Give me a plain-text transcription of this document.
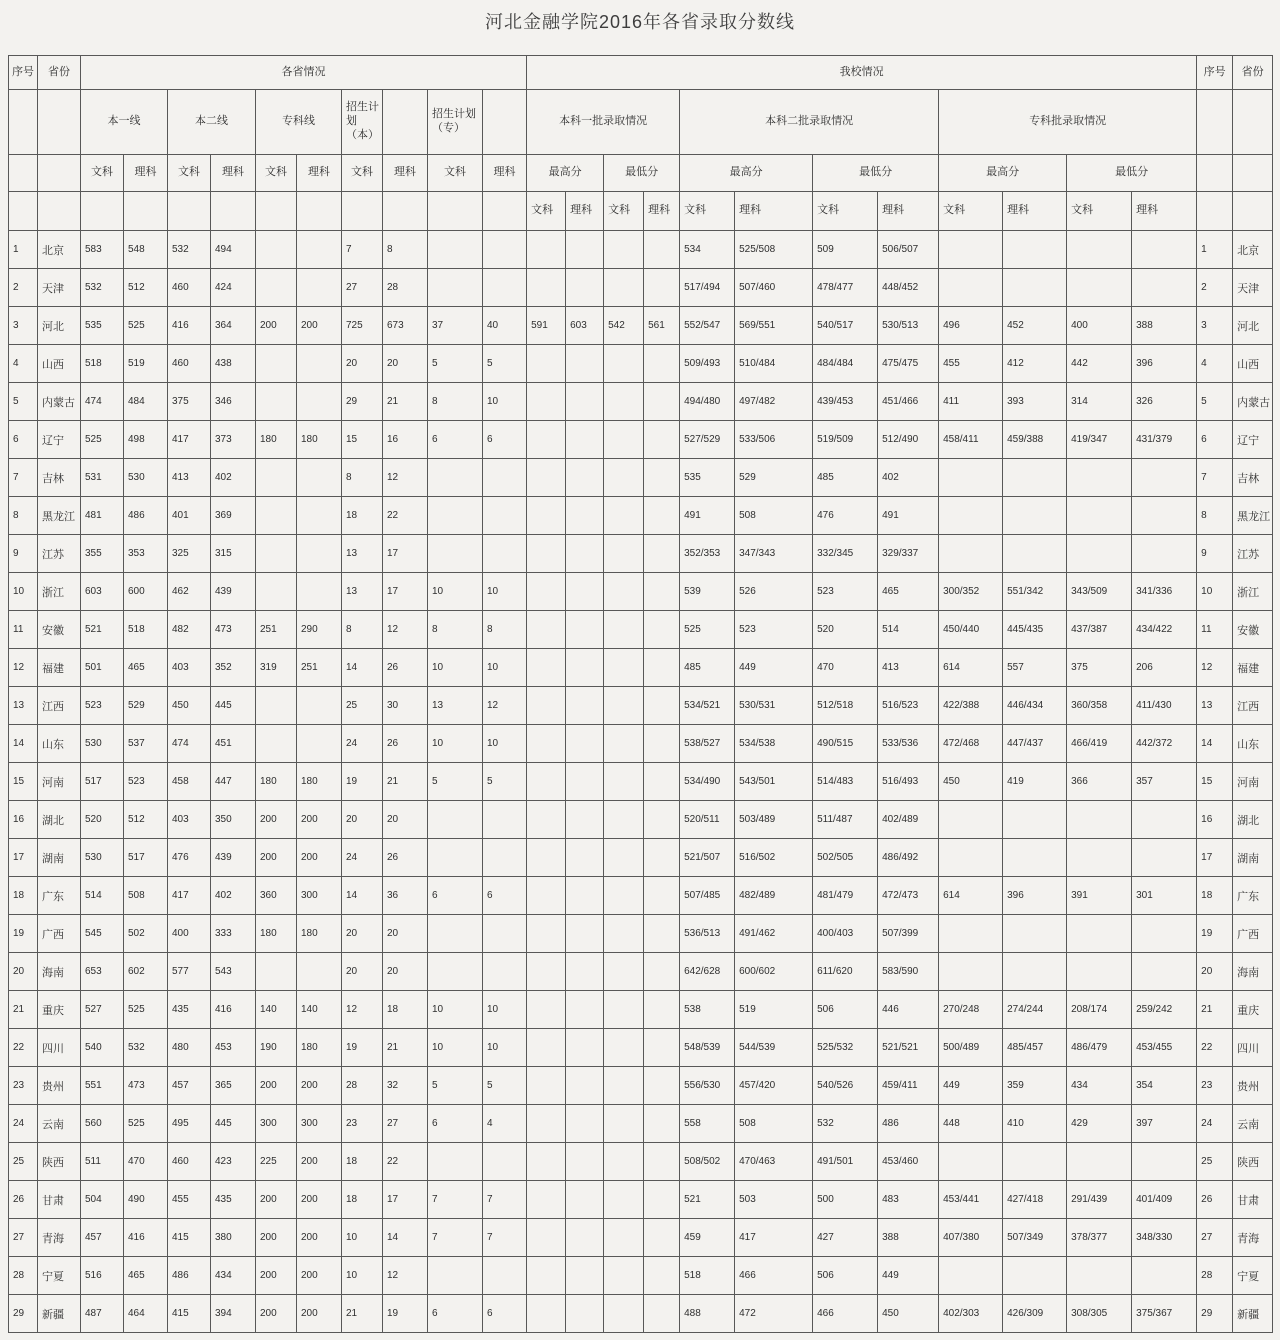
河北金融学院2016年各省录取分数线
序号	省份	各省情况										我校情况												序号	省份
		本一线		本二线		专科线		招生计划（本）		招生计划（专）		本科一批录取情况				本科二批录取情况				专科批录取情况					
		文科	理科	文科	理科	文科	理科	文科	理科	文科	理科	最高分		最低分		最高分		最低分		最高分		最低分			
												文科	理科	文科	理科	文科	理科	文科	理科	文科	理科	文科	理科		
1	北京	583	548	532	494			7	8							534	525/508	509	506/507					1	北京
2	天津	532	512	460	424			27	28							517/494	507/460	478/477	448/452					2	天津
3	河北	535	525	416	364	200	200	725	673	37	40	591	603	542	561	552/547	569/551	540/517	530/513	496	452	400	388	3	河北
4	山西	518	519	460	438			20	20	5	5					509/493	510/484	484/484	475/475	455	412	442	396	4	山西
5	内蒙古	474	484	375	346			29	21	8	10					494/480	497/482	439/453	451/466	411	393	314	326	5	内蒙古
6	辽宁	525	498	417	373	180	180	15	16	6	6					527/529	533/506	519/509	512/490	458/411	459/388	419/347	431/379	6	辽宁
7	吉林	531	530	413	402			8	12							535	529	485	402					7	吉林
8	黑龙江	481	486	401	369			18	22							491	508	476	491					8	黑龙江
9	江苏	355	353	325	315			13	17							352/353	347/343	332/345	329/337					9	江苏
10	浙江	603	600	462	439			13	17	10	10					539	526	523	465	300/352	551/342	343/509	341/336	10	浙江
11	安徽	521	518	482	473	251	290	8	12	8	8					525	523	520	514	450/440	445/435	437/387	434/422	11	安徽
12	福建	501	465	403	352	319	251	14	26	10	10					485	449	470	413	614	557	375	206	12	福建
13	江西	523	529	450	445			25	30	13	12					534/521	530/531	512/518	516/523	422/388	446/434	360/358	411/430	13	江西
14	山东	530	537	474	451			24	26	10	10					538/527	534/538	490/515	533/536	472/468	447/437	466/419	442/372	14	山东
15	河南	517	523	458	447	180	180	19	21	5	5					534/490	543/501	514/483	516/493	450	419	366	357	15	河南
16	湖北	520	512	403	350	200	200	20	20							520/511	503/489	511/487	402/489					16	湖北
17	湖南	530	517	476	439	200	200	24	26							521/507	516/502	502/505	486/492					17	湖南
18	广东	514	508	417	402	360	300	14	36	6	6					507/485	482/489	481/479	472/473	614	396	391	301	18	广东
19	广西	545	502	400	333	180	180	20	20							536/513	491/462	400/403	507/399					19	广西
20	海南	653	602	577	543			20	20							642/628	600/602	611/620	583/590					20	海南
21	重庆	527	525	435	416	140	140	12	18	10	10					538	519	506	446	270/248	274/244	208/174	259/242	21	重庆
22	四川	540	532	480	453	190	180	19	21	10	10					548/539	544/539	525/532	521/521	500/489	485/457	486/479	453/455	22	四川
23	贵州	551	473	457	365	200	200	28	32	5	5					556/530	457/420	540/526	459/411	449	359	434	354	23	贵州
24	云南	560	525	495	445	300	300	23	27	6	4					558	508	532	486	448	410	429	397	24	云南
25	陕西	511	470	460	423	225	200	18	22							508/502	470/463	491/501	453/460					25	陕西
26	甘肃	504	490	455	435	200	200	18	17	7	7					521	503	500	483	453/441	427/418	291/439	401/409	26	甘肃
27	青海	457	416	415	380	200	200	10	14	7	7					459	417	427	388	407/380	507/349	378/377	348/330	27	青海
28	宁夏	516	465	486	434	200	200	10	12							518	466	506	449					28	宁夏
29	新疆	487	464	415	394	200	200	21	19	6	6					488	472	466	450	402/303	426/309	308/305	375/367	29	新疆
